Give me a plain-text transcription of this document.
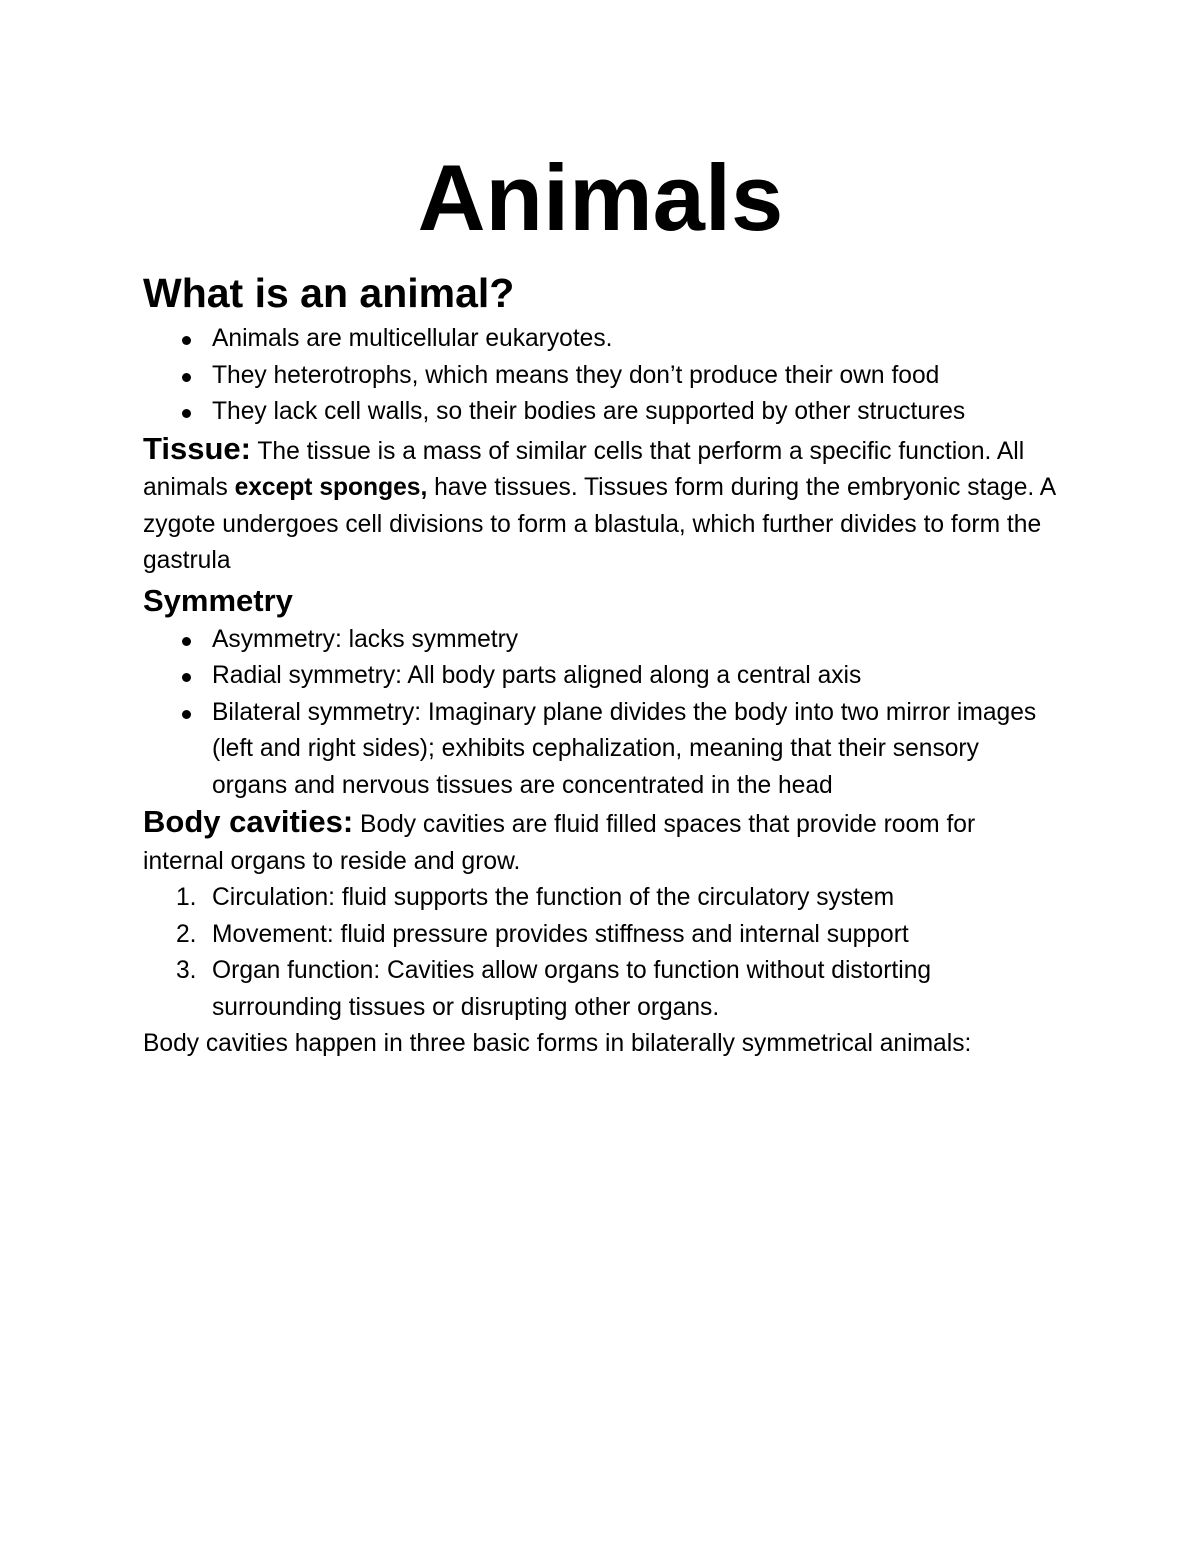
Animals
What is an animal?
Animals are multicellular eukaryotes.
They heterotrophs, which means they don’t produce their own food
They lack cell walls, so their bodies are supported by other structures

Tissue: The tissue is a mass of similar cells that perform a specific function. All animals except sponges, have tissues. Tissues form during the embryonic stage. A zygote undergoes cell divisions to form a blastula, which further divides to form the gastrula

Symmetry
Asymmetry: lacks symmetry
Radial symmetry: All body parts aligned along a central axis
Bilateral symmetry: Imaginary plane divides the body into two mirror images (left and right sides); exhibits cephalization, meaning that their sensory organs and nervous tissues are concentrated in the head

Body cavities: Body cavities are fluid filled spaces that provide room for internal organs to reside and grow.

1. Circulation: fluid supports the function of the circulatory system
2. Movement: fluid pressure provides stiffness and internal support
3. Organ function: Cavities allow organs to function without distorting surrounding tissues or disrupting other organs.

Body cavities happen in three basic forms in bilaterally symmetrical animals:
